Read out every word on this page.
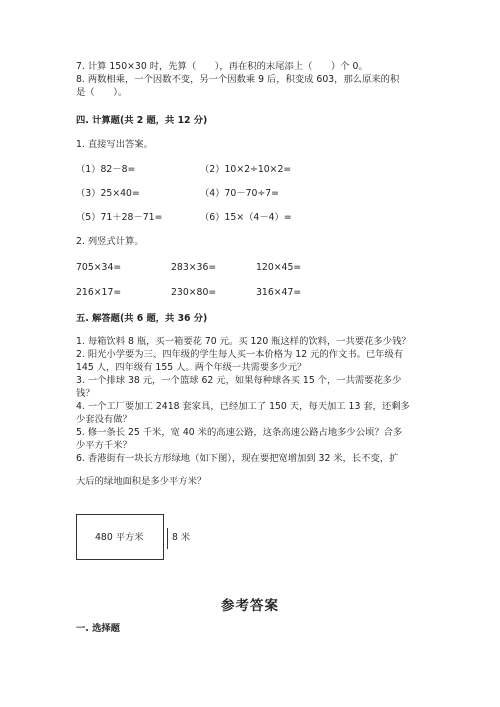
7. 计算 150×30 时，先算（　　），再在积的末尾添上（　　）个 0。
8. 两数相乘，一个因数不变，另一个因数乘 9 后，积变成 603，那么原来的积
是（　　）。
四. 计算题(共 2 题，共 12 分)
1. 直接写出答案。
（1）82－8=	（2）10×2÷10×2=
（3）25×40=	（4）70－70÷7=
（5）71＋28－71=	（6）15×（4－4）=
2. 列竖式计算。
705×34=	283×36=	120×45=
216×17=	230×80=	316×47=
五. 解答题(共 6 题，共 36 分)
1. 每箱饮料 8 瓶，买一箱要花 70 元。买 120 瓶这样的饮料，一共要花多少钱？
2. 阳光小学要为三、四年级的学生每人买一本价格为 12 元的作文书。已年级有
145 人，四年级有 155 人。两个年级一共需要多少元？
3. 一个排球 38 元，一个篮球 62 元，如果每种球各买 15 个，一共需要花多少
钱？
4. 一个工厂要加工 2418 套家具，已经加工了 150 天，每天加工 13 套，还剩多
少套没有做？
5. 修一条长 25 千米，宽 40 米的高速公路，这条高速公路占地多少公顷？合多
少平方千米？
6. 香港街有一块长方形绿地（如下图），现在要把宽增加到 32 米，长不变，扩
大后的绿地面积是多少平方米？
480 平方米	8 米
参考答案
一. 选择题
